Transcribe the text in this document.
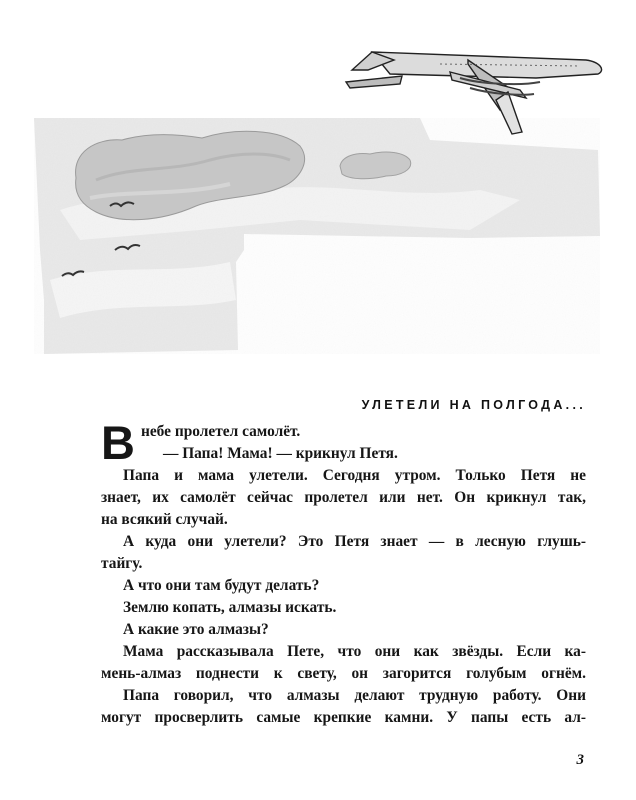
УЛЕТЕЛИ НА ПОЛГОДА...

Внебе пролетел самолёт.

— Папа! Мама! — крикнул Петя.

Папа и мама улетели. Сегодня утром. Только Петя не

знает, их самолёт сейчас пролетел или нет. Он крикнул так,

на всякий случай.

А куда они улетели? Это Петя знает — в лесную глушь-

тайгу.

А что они там будут делать?

Землю копать, алмазы искать.

А какие это алмазы?

Мама рассказывала Пете, что они как звёзды. Если ка-

мень-алмаз поднести к свету, он загорится голубым огнём.

Папа говорил, что алмазы делают трудную работу. Они

могут просверлить самые крепкие камни. У папы есть ал-

3
